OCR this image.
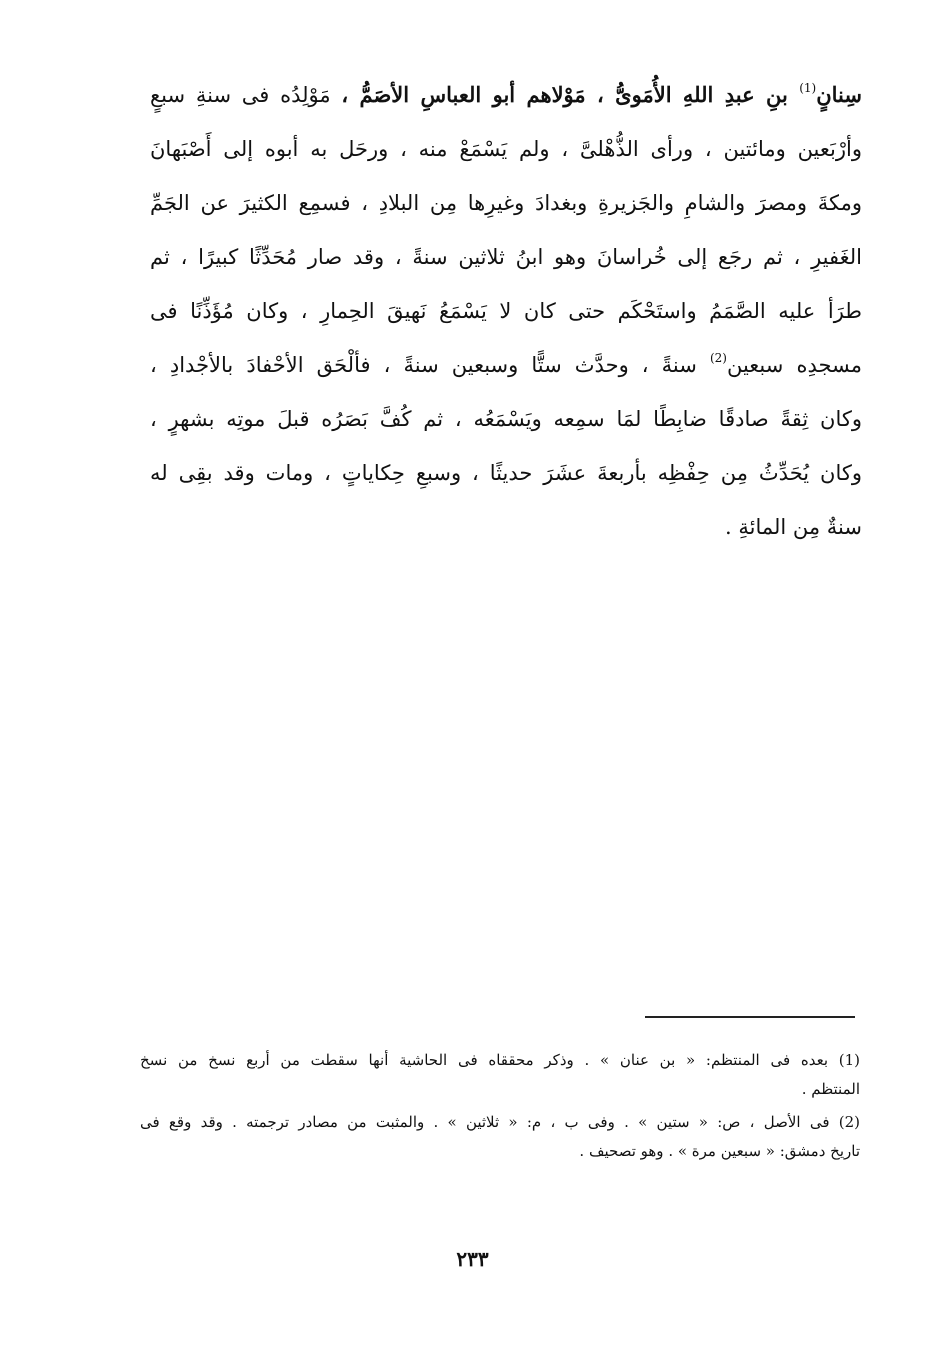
سِنانٍ$^{(1)}$ بنِ عبدِ اللهِ الأُمَوىُّ ، مَوْلاهم أبو العباسِ الأصَمُّ ، مَوْلِدُه فى سنةِ سبعٍ
وأرْبَعين ومائتين ، ورأى الذُّهْلىَّ ، ولم يَسْمَعْ منه ، ورحَل به أبوه إلى أَصْبَهانَ
ومكةَ ومصرَ والشامِ والجَزيرةِ وبغدادَ وغيرِها مِن البلادِ ، فسمِع الكثيرَ عن الجَمِّ
الغَفيرِ ، ثم رجَع إلى خُراسانَ وهو ابنُ ثلاثين سنةً ، وقد صار مُحَدِّثًا كبيرًا ، ثم
طرَأ عليه الصَّمَمُ واستَحْكَم حتى كان لا يَسْمَعُ نَهيقَ الحِمارِ ، وكان مُؤَذِّنًا فى
مسجدِه سبعين$^{(2)}$ سنةً ، وحدَّث ستًّا وسبعين سنةً ، فألْحَق الأحْفادَ بالأجْدادِ ،
وكان ثِقةً صادقًا ضابِطًا لمَا سمِعه ويَسْمَعُه ، ثم كُفَّ بَصَرُه قبلَ موتِه بشهرٍ ،
وكان يُحَدِّثُ مِن حِفْظِه بأربعةَ عشَرَ حديثًا ، وسبعِ حِكاياتٍ ، ومات وقد بقِى له
سنةٌ مِن المائةِ .
(1) بعده فى المنتظم: « بن عنان » . وذكر محققاه فى الحاشية أنها سقطت من أربع نسخ من نسخ
المنتظم .
(2) فى الأصل ، ص: « ستين » . وفى ب ، م: « ثلاثين » . والمثبت من مصادر ترجمته . وقد وقع فى
تاريخ دمشق: « سبعين مرة » . وهو تصحيف .
٢٣٣
